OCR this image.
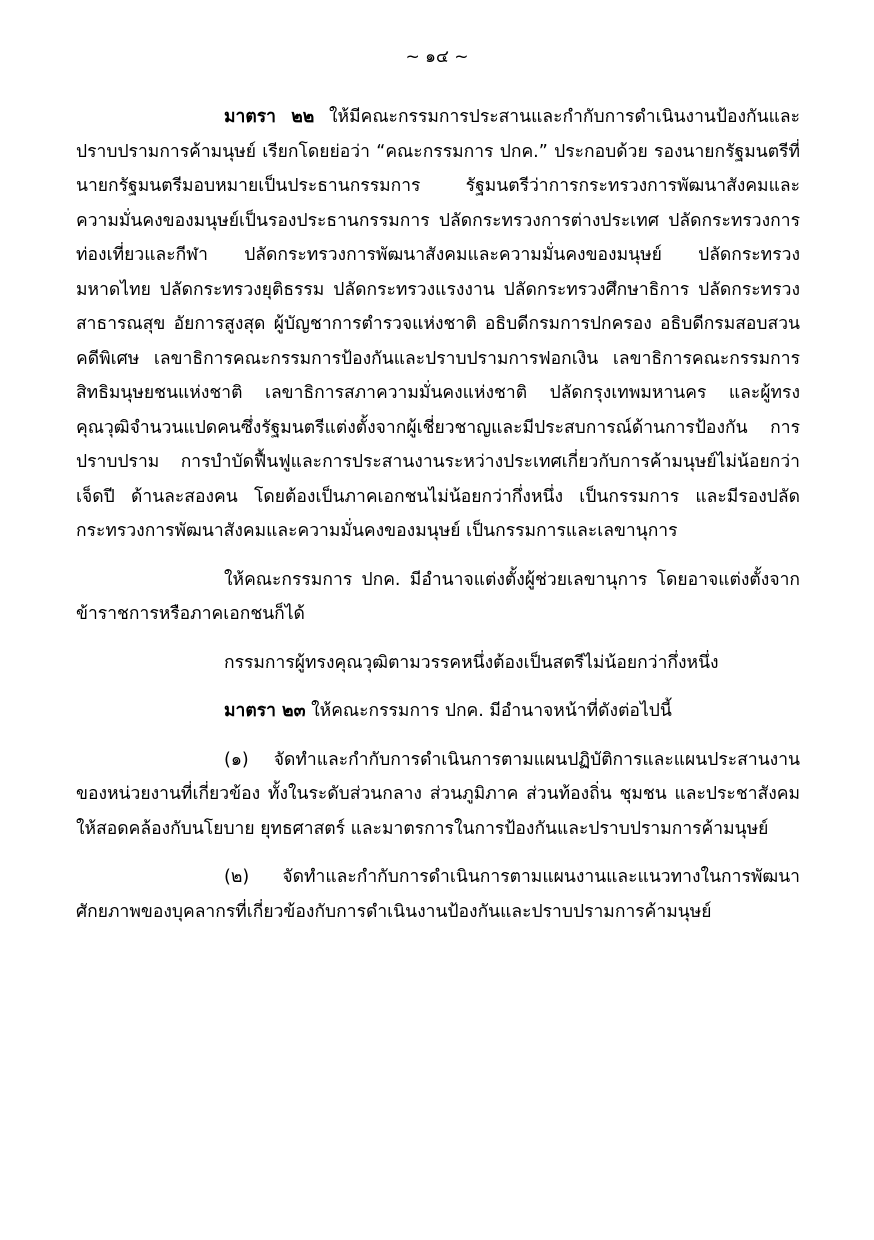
~ ๑๔ ~

มาตรา ๒๒ ให้มีคณะกรรมการประสานและกำกับการดำเนินงานป้องกันและปราบปรามการค้ามนุษย์ เรียกโดยย่อว่า “คณะกรรมการ ปกค.” ประกอบด้วย รองนายกรัฐมนตรีที่นายกรัฐมนตรีมอบหมายเป็นประธานกรรมการ รัฐมนตรีว่าการกระทรวงการพัฒนาสังคมและความมั่นคงของมนุษย์เป็นรองประธานกรรมการ ปลัดกระทรวงการต่างประเทศ ปลัดกระทรวงการท่องเที่ยวและกีฬา ปลัดกระทรวงการพัฒนาสังคมและความมั่นคงของมนุษย์ ปลัดกระทรวงมหาดไทย ปลัดกระทรวงยุติธรรม ปลัดกระทรวงแรงงาน ปลัดกระทรวงศึกษาธิการ ปลัดกระทรวงสาธารณสุข อัยการสูงสุด ผู้บัญชาการตำรวจแห่งชาติ อธิบดีกรมการปกครอง อธิบดีกรมสอบสวนคดีพิเศษ เลขาธิการคณะกรรมการป้องกันและปราบปรามการฟอกเงิน เลขาธิการคณะกรรมการสิทธิมนุษยชนแห่งชาติ เลขาธิการสภาความมั่นคงแห่งชาติ ปลัดกรุงเทพมหานคร และผู้ทรงคุณวุฒิจำนวนแปดคนซึ่งรัฐมนตรีแต่งตั้งจากผู้เชี่ยวชาญและมีประสบการณ์ด้านการป้องกัน การปราบปราม การบำบัดฟื้นฟูและการประสานงานระหว่างประเทศเกี่ยวกับการค้ามนุษย์ไม่น้อยกว่าเจ็ดปี ด้านละสองคน โดยต้องเป็นภาคเอกชนไม่น้อยกว่ากึ่งหนึ่ง เป็นกรรมการ และมีรองปลัดกระทรวงการพัฒนาสังคมและความมั่นคงของมนุษย์ เป็นกรรมการและเลขานุการ

ให้คณะกรรมการ ปกค. มีอำนาจแต่งตั้งผู้ช่วยเลขานุการ โดยอาจแต่งตั้งจากข้าราชการหรือภาคเอกชนก็ได้

กรรมการผู้ทรงคุณวุฒิตามวรรคหนึ่งต้องเป็นสตรีไม่น้อยกว่ากึ่งหนึ่ง

มาตรา ๒๓ ให้คณะกรรมการ ปกค. มีอำนาจหน้าที่ดังต่อไปนี้

(๑) จัดทำและกำกับการดำเนินการตามแผนปฏิบัติการและแผนประสานงานของหน่วยงานที่เกี่ยวข้อง ทั้งในระดับส่วนกลาง ส่วนภูมิภาค ส่วนท้องถิ่น ชุมชน และประชาสังคมให้สอดคล้องกับนโยบาย ยุทธศาสตร์ และมาตรการในการป้องกันและปราบปรามการค้ามนุษย์

(๒) จัดทำและกำกับการดำเนินการตามแผนงานและแนวทางในการพัฒนาศักยภาพของบุคลากรที่เกี่ยวข้องกับการดำเนินงานป้องกันและปราบปรามการค้ามนุษย์
